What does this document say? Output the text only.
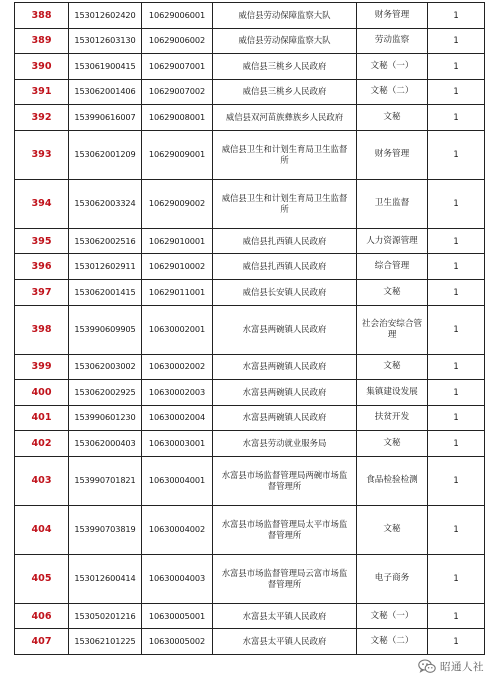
388	153012602420	10629006001	威信县劳动保障监察大队	财务管理	1
389	153012603130	10629006002	威信县劳动保障监察大队	劳动监察	1
390	153061900415	10629007001	威信县三桃乡人民政府	文秘（一）	1
391	153062001406	10629007002	威信县三桃乡人民政府	文秘（二）	1
392	153990616007	10629008001	威信县双河苗族彝族乡人民政府	文秘	1
393	153062001209	10629009001	威信县卫生和计划生育局卫生监督所	财务管理	1
394	153062003324	10629009002	威信县卫生和计划生育局卫生监督所	卫生监督	1
395	153062002516	10629010001	威信县扎西镇人民政府	人力资源管理	1
396	153012602911	10629010002	威信县扎西镇人民政府	综合管理	1
397	153062001415	10629011001	威信县长安镇人民政府	文秘	1
398	153990609905	10630002001	水富县两碗镇人民政府	社会治安综合管理	1
399	153062003002	10630002002	水富县两碗镇人民政府	文秘	1
400	153062002925	10630002003	水富县两碗镇人民政府	集镇建设发展	1
401	153990601230	10630002004	水富县两碗镇人民政府	扶贫开发	1
402	153062000403	10630003001	水富县劳动就业服务局	文秘	1
403	153990701821	10630004001	水富县市场监督管理局两碗市场监督管理所	食品检验检测	1
404	153990703819	10630004002	水富县市场监督管理局太平市场监督管理所	文秘	1
405	153012600414	10630004003	水富县市场监督管理局云富市场监督管理所	电子商务	1
406	153050201216	10630005001	水富县太平镇人民政府	文秘（一）	1
407	153062101225	10630005002	水富县太平镇人民政府	文秘（二）	1
昭通人社
